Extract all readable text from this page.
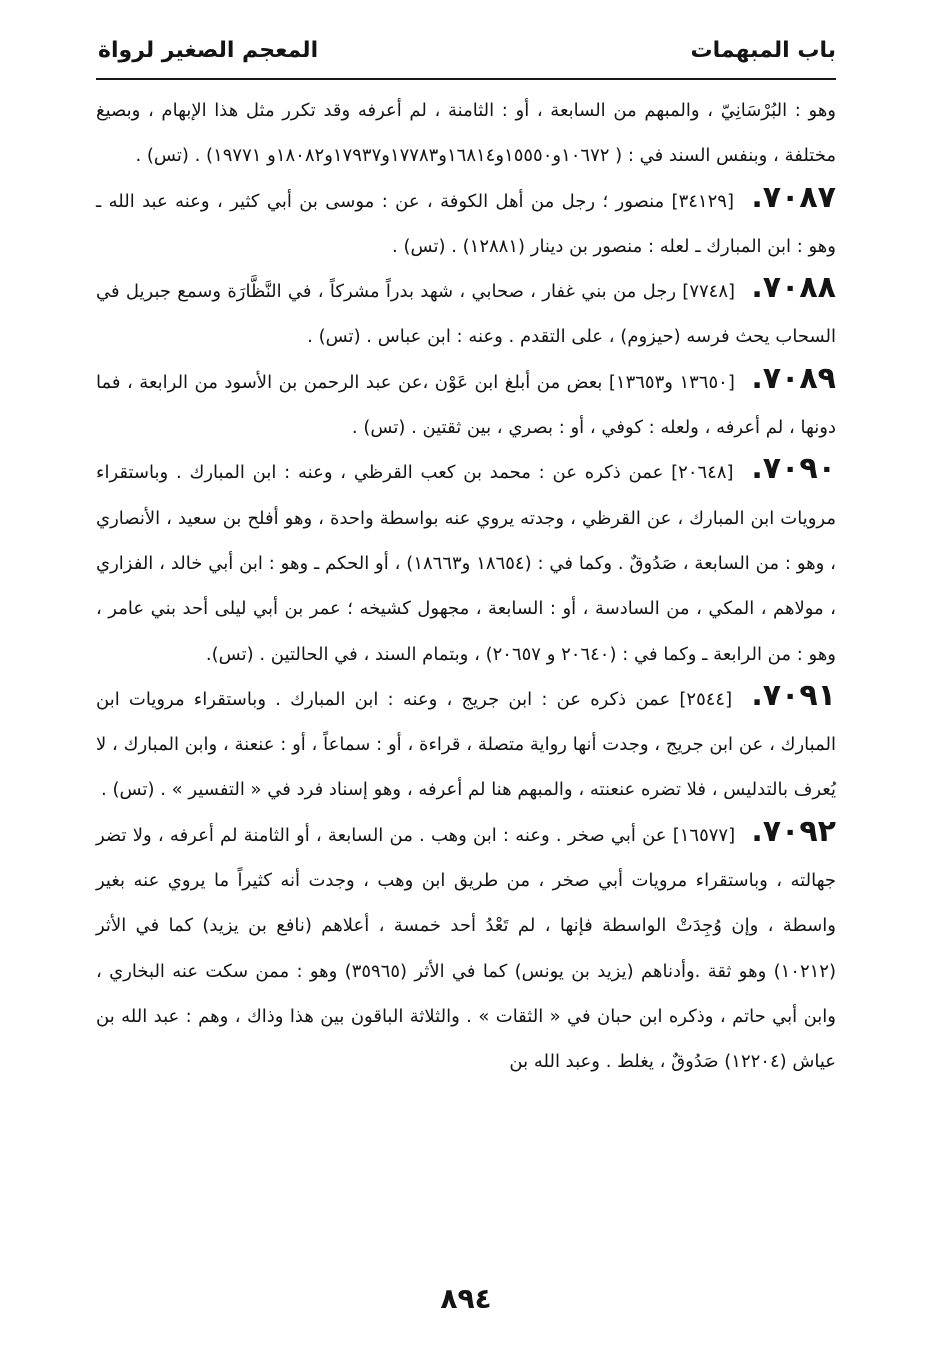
باب المبهمات
المعجم الصغير لرواة

وهو : البُرْسَانِيّ ، والمبهم من السابعة ، أو : الثامنة ، لم أعرفه وقد تكرر مثل هذا الإبهام ، وبصيغ مختلفة ، وبنفس السند في : ( ١٠٦٧٢و١٥٥٥٠و١٦٨١٤و١٧٧٨٣و١٧٩٣٧و١٨٠٨٢و ١٩٧٧١) . (تس) .

٧٠٨٧. [٣٤١٢٩] منصور ؛ رجل من أهل الكوفة ، عن : موسى بن أبي كثير ، وعنه عبد الله ـ وهو : ابن المبارك ـ لعله : منصور بن دينار (١٢٨٨١) . (تس) .

٧٠٨٨. [٧٧٤٨] رجل من بني غفار ، صحابي ، شهد بدراً مشركاً ، في النَّظَّارَة وسمع جبريل في السحاب يحث فرسه (حيزوم) ، على التقدم . وعنه : ابن عباس . (تس) .

٧٠٨٩. [١٣٦٥٠ و١٣٦٥٣] بعض من أبلغ ابن عَوْن ،عن عبد الرحمن بن الأسود من الرابعة ، فما دونها ، لم أعرفه ، ولعله : كوفي ، أو : بصري ، بين ثقتين . (تس) .

٧٠٩٠. [٢٠٦٤٨] عمن ذكره عن : محمد بن كعب القرظي ، وعنه : ابن المبارك . وباستقراء مرويات ابن المبارك ، عن القرظي ، وجدته يروي عنه بواسطة واحدة ، وهو أفلح بن سعيد ، الأنصاري ، وهو : من السابعة ، صَدُوقٌ . وكما في : (١٨٦٥٤ و١٨٦٦٣) ، أو الحكم ـ وهو : ابن أبي خالد ، الفزاري ، مولاهم ، المكي ، من السادسة ، أو : السابعة ، مجهول كشيخه ؛ عمر بن أبي ليلى أحد بني عامر ، وهو : من الرابعة ـ وكما في : (٢٠٦٤٠ و ٢٠٦٥٧) ، وبتمام السند ، في الحالتين . (تس).

٧٠٩١. [٢٥٤٤] عمن ذكره عن : ابن جريج ، وعنه : ابن المبارك . وباستقراء مرويات ابن المبارك ، عن ابن جريج ، وجدت أنها رواية متصلة ، قراءة ، أو : سماعاً ، أو : عنعنة ، وابن المبارك ، لا يُعرف بالتدليس ، فلا تضره عنعنته ، والمبهم هنا لم أعرفه ، وهو إسناد فرد في « التفسير » . (تس) .

٧٠٩٢. [١٦٥٧٧] عن أبي صخر . وعنه : ابن وهب . من السابعة ، أو الثامنة لم أعرفه ، ولا تضر جهالته ، وباستقراء مرويات أبي صخر ، من طريق ابن وهب ، وجدت أنه كثيراً ما يروي عنه بغير واسطة ، وإن وُجِدَتْ الواسطة فإنها ، لم تَعْدُ أحد خمسة ، أعلاهم (نافع بن يزيد) كما في الأثر (١٠٢١٢) وهو ثقة .وأدناهم (يزيد بن يونس) كما في الأثر (٣٥٩٦٥) وهو : ممن سكت عنه البخاري ، وابن أبي حاتم ، وذكره ابن حبان في « الثقات » . والثلاثة الباقون بين هذا وذاك ، وهم : عبد الله بن عياش (١٢٢٠٤) صَدُوقٌ ، يغلط . وعبد الله بن

٨٩٤
